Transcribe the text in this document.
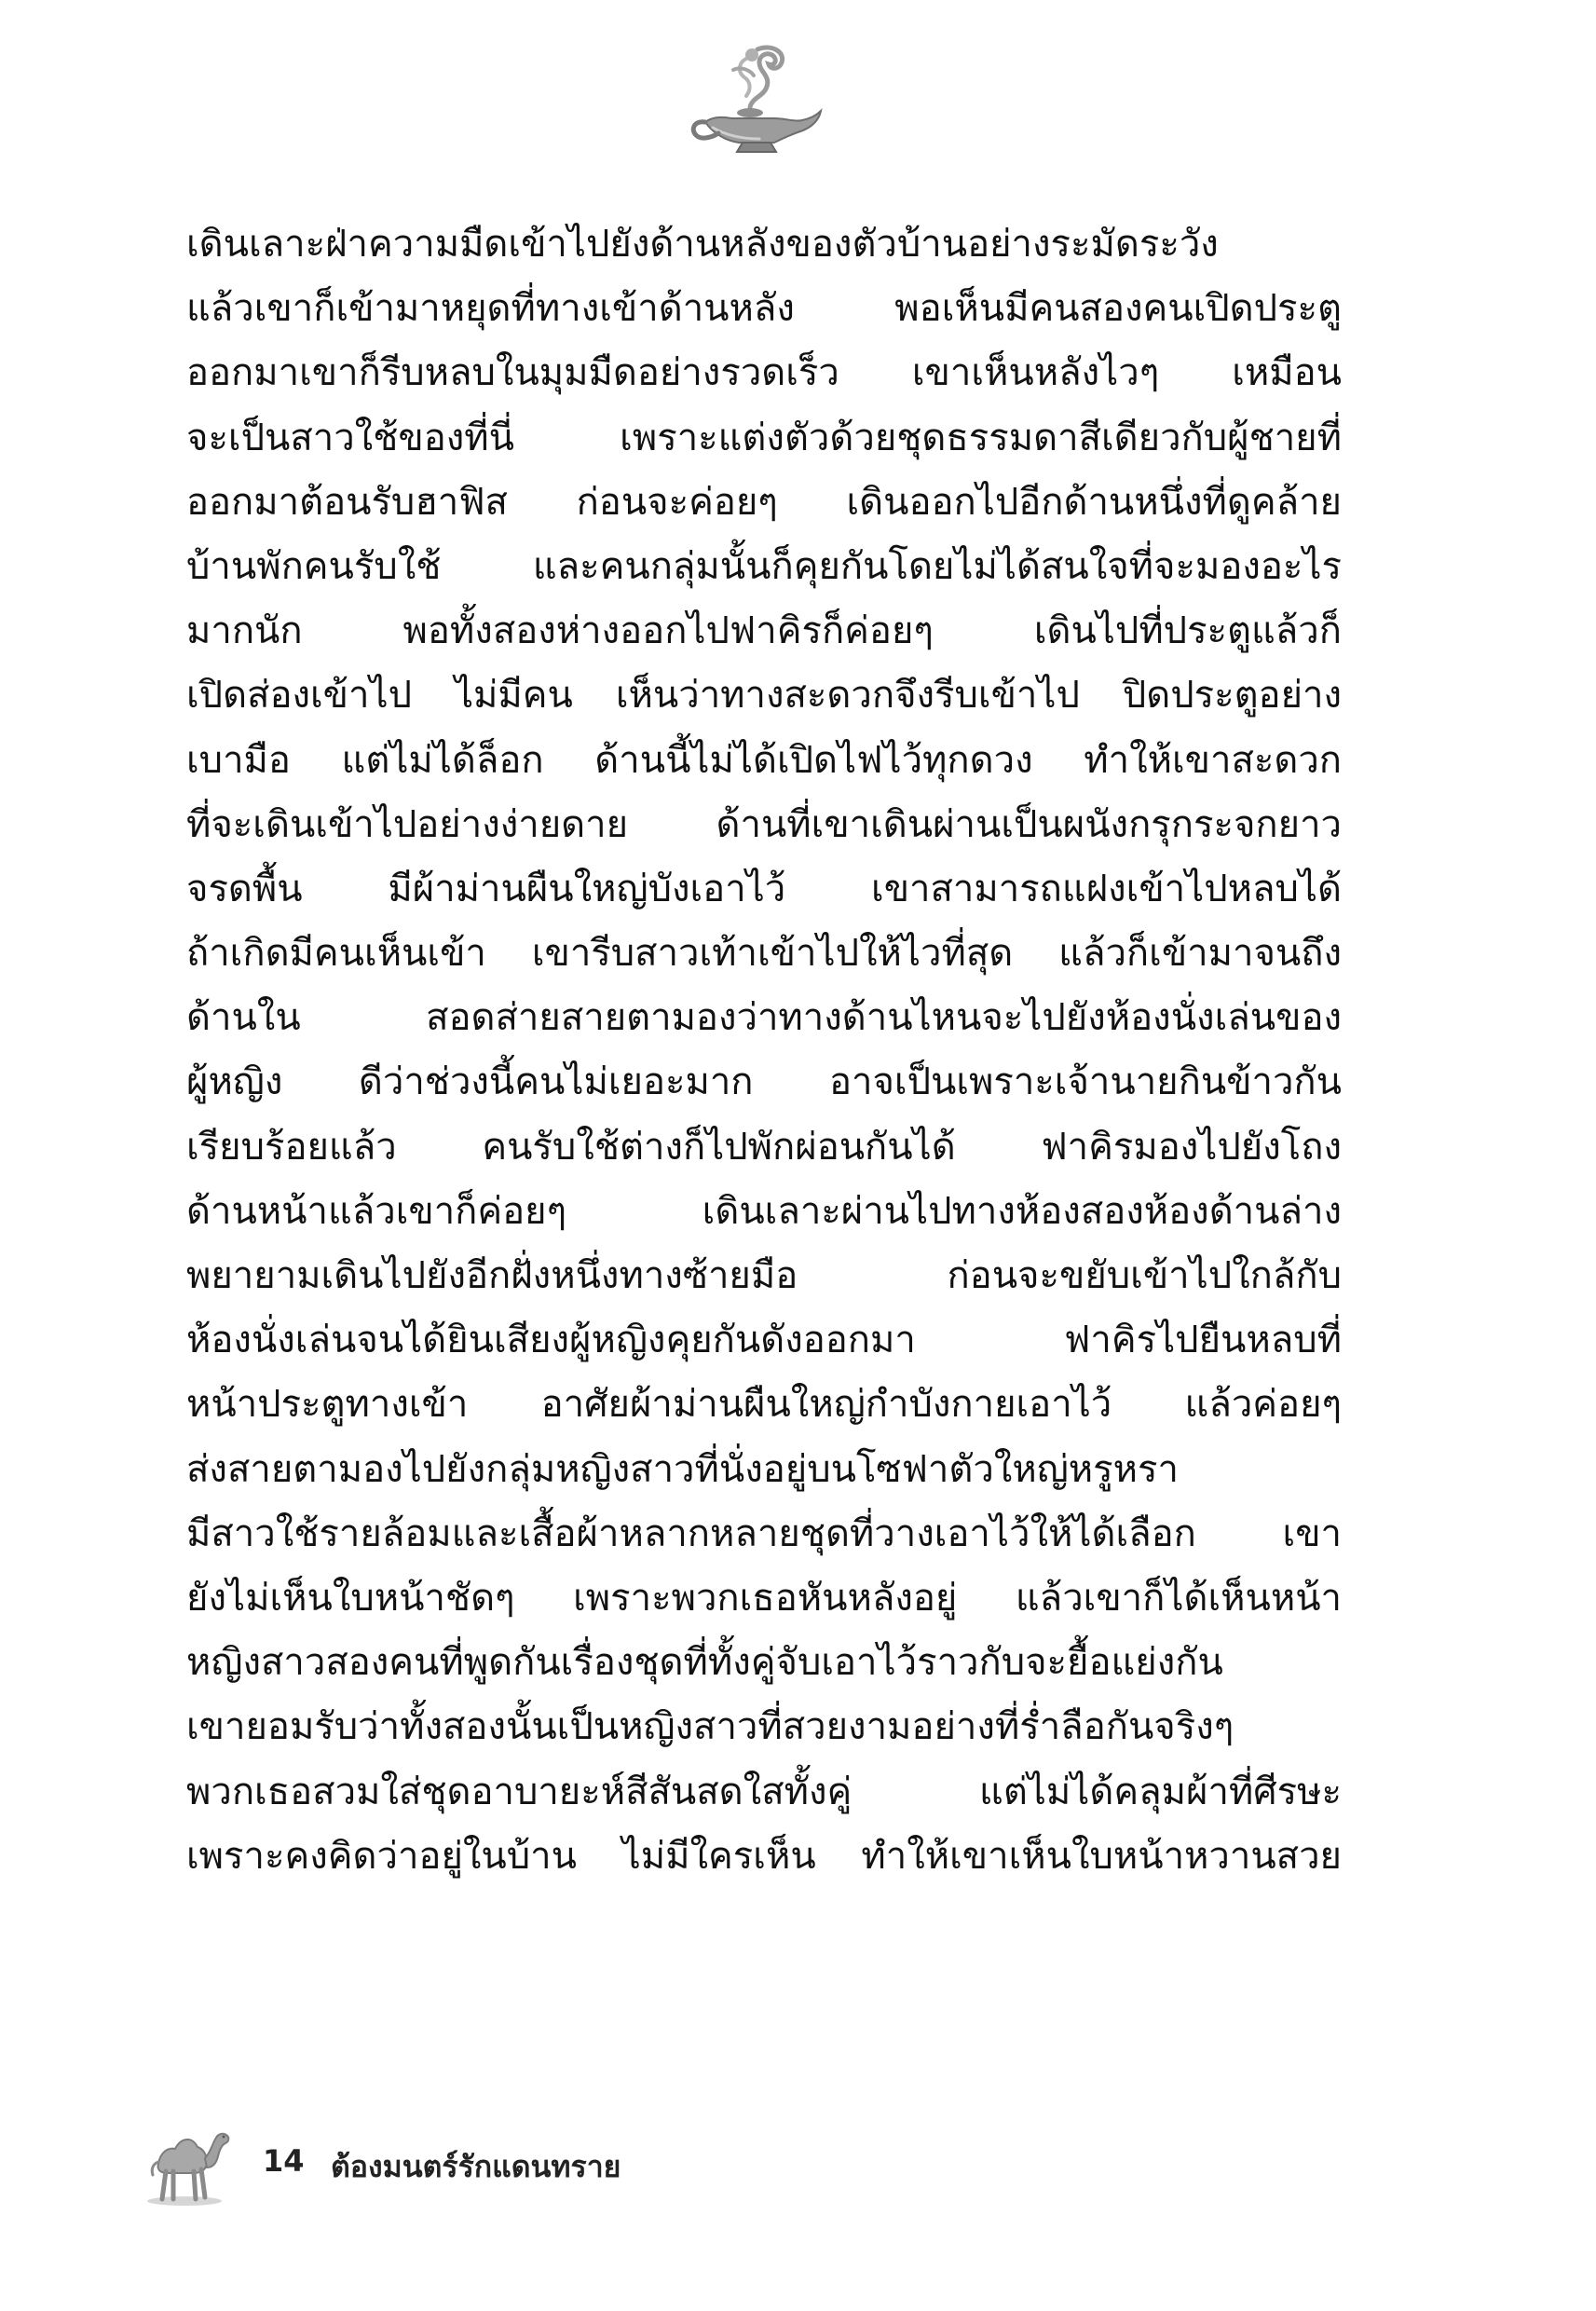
เดินเลาะฝ่าความมืดเข้าไปยังด้านหลังของตัวบ้านอย่างระมัดระวัง
แล้วเขาก็เข้ามาหยุดที่ทางเข้าด้านหลัง พอเห็นมีคนสองคนเปิดประตู
ออกมาเขาก็รีบหลบในมุมมืดอย่างรวดเร็ว เขาเห็นหลังไวๆ เหมือน
จะเป็นสาวใช้ของที่นี่ เพราะแต่งตัวด้วยชุดธรรมดาสีเดียวกับผู้ชายที่
ออกมาต้อนรับฮาฟิส ก่อนจะค่อยๆ เดินออกไปอีกด้านหนึ่งที่ดูคล้าย
บ้านพักคนรับใช้ และคนกลุ่มนั้นก็คุยกันโดยไม่ได้สนใจที่จะมองอะไร
มากนัก พอทั้งสองห่างออกไปฟาคิรก็ค่อยๆ เดินไปที่ประตูแล้วก็
เปิดส่องเข้าไป ไม่มีคน เห็นว่าทางสะดวกจึงรีบเข้าไป ปิดประตูอย่าง
เบามือ แต่ไม่ได้ล็อก ด้านนี้ไม่ได้เปิดไฟไว้ทุกดวง ทำให้เขาสะดวก
ที่จะเดินเข้าไปอย่างง่ายดาย ด้านที่เขาเดินผ่านเป็นผนังกรุกระจกยาว
จรดพื้น มีผ้าม่านผืนใหญ่บังเอาไว้ เขาสามารถแฝงเข้าไปหลบได้
ถ้าเกิดมีคนเห็นเข้า เขารีบสาวเท้าเข้าไปให้ไวที่สุด แล้วก็เข้ามาจนถึง
ด้านใน สอดส่ายสายตามองว่าทางด้านไหนจะไปยังห้องนั่งเล่นของ
ผู้หญิง ดีว่าช่วงนี้คนไม่เยอะมาก อาจเป็นเพราะเจ้านายกินข้าวกัน
เรียบร้อยแล้ว คนรับใช้ต่างก็ไปพักผ่อนกันได้ ฟาคิรมองไปยังโถง
ด้านหน้าแล้วเขาก็ค่อยๆ เดินเลาะผ่านไปทางห้องสองห้องด้านล่าง
พยายามเดินไปยังอีกฝั่งหนึ่งทางซ้ายมือ ก่อนจะขยับเข้าไปใกล้กับ
ห้องนั่งเล่นจนได้ยินเสียงผู้หญิงคุยกันดังออกมา ฟาคิรไปยืนหลบที่
หน้าประตูทางเข้า อาศัยผ้าม่านผืนใหญ่กำบังกายเอาไว้ แล้วค่อยๆ
ส่งสายตามองไปยังกลุ่มหญิงสาวที่นั่งอยู่บนโซฟาตัวใหญ่หรูหรา
มีสาวใช้รายล้อมและเสื้อผ้าหลากหลายชุดที่วางเอาไว้ให้ได้เลือก เขา
ยังไม่เห็นใบหน้าชัดๆ เพราะพวกเธอหันหลังอยู่ แล้วเขาก็ได้เห็นหน้า
หญิงสาวสองคนที่พูดกันเรื่องชุดที่ทั้งคู่จับเอาไว้ราวกับจะยื้อแย่งกัน
เขายอมรับว่าทั้งสองนั้นเป็นหญิงสาวที่สวยงามอย่างที่ร่ำลือกันจริงๆ
พวกเธอสวมใส่ชุดอาบายะห์สีสันสดใสทั้งคู่ แต่ไม่ได้คลุมผ้าที่ศีรษะ
เพราะคงคิดว่าอยู่ในบ้าน ไม่มีใครเห็น ทำให้เขาเห็นใบหน้าหวานสวย
14 ต้องมนตร์รักแดนทราย
